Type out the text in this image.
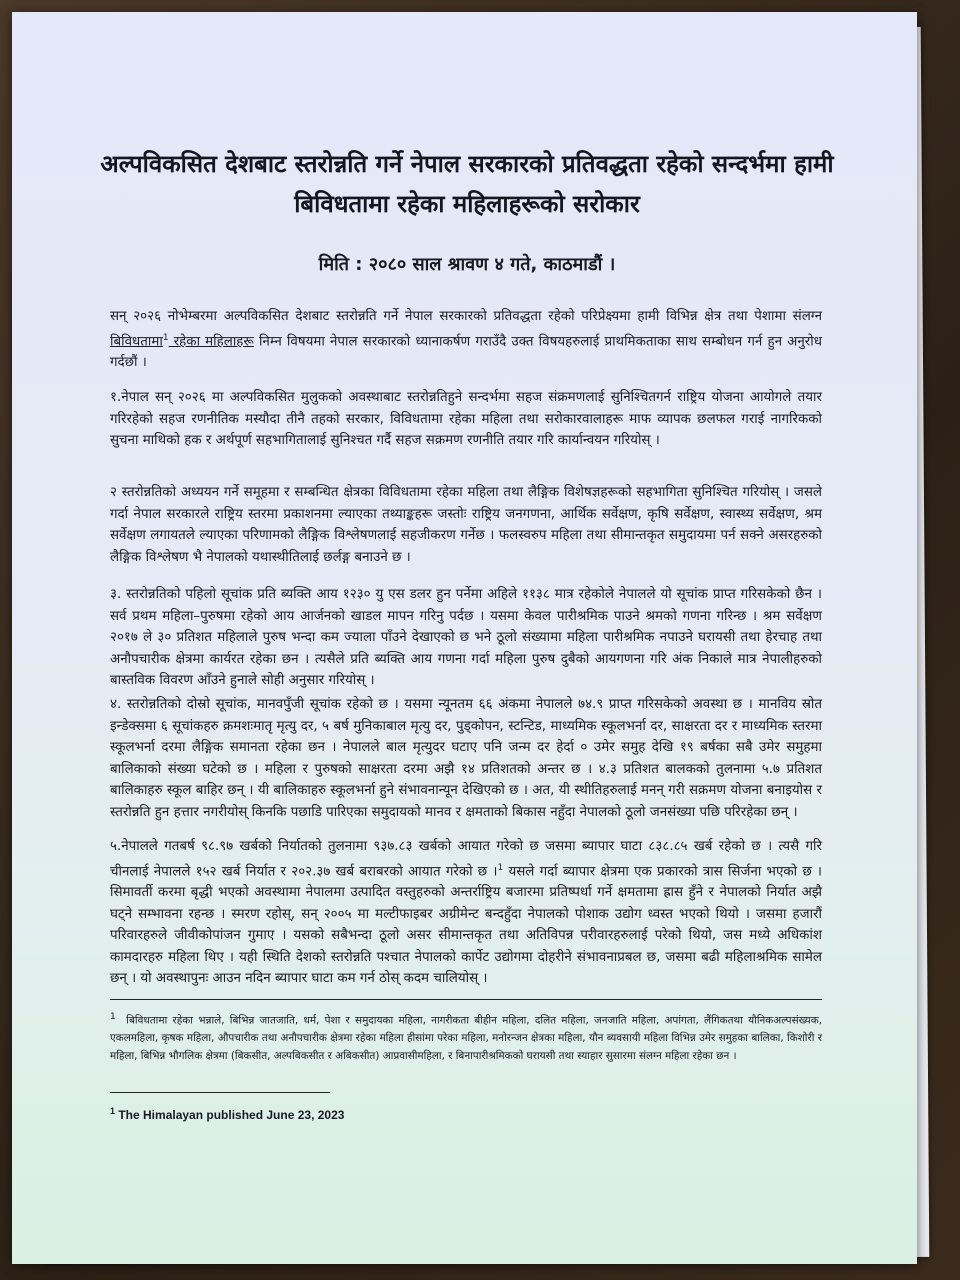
अल्पविकसित देशबाट स्तरोन्नति गर्ने नेपाल सरकारको प्रतिवद्धता रहेको सन्दर्भमा हामी बिविधतामा रहेका महिलाहरूको सरोकार

मिति : २०८० साल श्रावण ४ गते, काठमाडौं ।

सन् २०२६ नोभेम्बरमा अल्पविकसित देशबाट स्तरोन्नति गर्ने नेपाल सरकारको प्रतिवद्धता रहेको परिप्रेक्ष्यमा हामी विभिन्न क्षेत्र तथा पेशामा संलग्न बिविधतामा$^1$ रहेका महिलाहरू निम्न विषयमा नेपाल सरकारको ध्यानाकर्षण गराउँदै उक्त विषयहरुलाई प्राथमिकताका साथ सम्बोधन गर्न हुन अनुरोध गर्दछौं ।

१.नेपाल सन् २०२६ मा अल्पविकसित मुलुकको अवस्थाबाट स्तरोन्नतिहुने सन्दर्भमा सहज संक्रमणलाई सुनिश्चितगर्न राष्ट्रिय योजना आयोगले तयार गरिरहेको सहज रणनीतिक मस्यौदा तीनै तहको सरकार, विविधतामा रहेका महिला तथा सरोकारवालाहरू माफ व्यापक छलफल गराई नागरिकको सुचना माथिको हक र अर्थपूर्ण सहभागितालाई सुनिश्चत गर्दै सहज सक्रमण रणनीति तयार गरि कार्यान्वयन गरियोस् ।

२ स्तरोन्नतिको अध्ययन गर्ने समूहमा र सम्बन्धित क्षेत्रका विविधतामा रहेका महिला तथा लैङ्गिक विशेषज्ञहरूको सहभागिता सुनिश्चित गरियोस् । जसले गर्दा नेपाल सरकारले राष्ट्रिय स्तरमा प्रकाशनमा ल्याएका तथ्याङ्कहरू जस्तोः राष्ट्रिय जनगणना, आर्थिक सर्वेक्षण, कृषि सर्वेक्षण, स्वास्थ्य सर्वेक्षण, श्रम सर्वेक्षण लगायतले ल्याएका परिणामको लैङ्गिक विश्लेषणलाई सहजीकरण गर्नेछ । फलस्वरुप महिला तथा सीमान्तकृत समुदायमा पर्न सक्ने असरहरुको लैङ्गिक विश्लेषण भै नेपालको यथास्थीतिलाई छर्लङ्ग बनाउने छ ।

३. स्तरोन्नतिको पहिलो सूचांक प्रति ब्यक्ति आय १२३० यु एस डलर हुन पर्नेमा अहिले ११३८ मात्र रहेकोले नेपालले यो सूचांक प्राप्त गरिसकेको छैन । सर्व प्रथम महिला–पुरुषमा रहेको आय आर्जनको खाडल मापन गरिनु पर्दछ । यसमा केवल पारीश्रमिक पाउने श्रमको गणना गरिन्छ । श्रम सर्वेक्षण २०१७ ले ३० प्रतिशत महिलाले पुरुष भन्दा कम ज्याला पाँउने देखाएको छ भने ठूलो संख्यामा महिला पारीश्रमिक नपाउने घरायसी तथा हेरचाह तथा अनौपचारीक क्षेत्रमा कार्यरत रहेका छन । त्यसैले प्रति ब्यक्ति आय गणना गर्दा महिला पुरुष दुबैको आयगणना गरि अंक निकाले मात्र नेपालीहरुको बास्तविक विवरण आँउने हुनाले सोही अनुसार गरियोस् ।

४. स्तरोन्नतिको दोस्रो सूचांक, मानवपुँजी सूचांक रहेको छ । यसमा न्यूनतम ६६ अंकमा नेपालले ७४.९ प्राप्त गरिसकेको अवस्था छ । मानविय स्रोत इन्डेक्समा ६ सूचांकहरु क्रमशःमातृ मृत्यु दर, ५ बर्ष मुनिकाबाल मृत्यु दर, पुड्कोपन, स्टन्टिड, माध्यमिक स्कूलभर्ना दर, साक्षरता दर र माध्यमिक स्तरमा स्कूलभर्ना दरमा लैङ्गिक समानता रहेका छन । नेपालले बाल मृत्युदर घटाए पनि जन्म दर हेर्दा ० उमेर समुह देखि १९ बर्षका सबै उमेर समुहमा बालिकाको संख्या घटेको छ । महिला र पुरुषको साक्षरता दरमा अझै १४ प्रतिशतको अन्तर छ । ४.३ प्रतिशत बालकको तुलनामा ५.७ प्रतिशत बालिकाहरु स्कूल बाहिर छन् । यी बालिकाहरु स्कूलभर्ना हुने संभावनान्यून देखिएको छ । अत, यी स्थीतिहरुलाई मनन् गरी सक्रमण योजना बनाइयोस र स्तरोन्नति हुन हत्तार नगरीयोस् किनकि पछाडि पारिएका समुदायको मानव र क्षमताको बिकास नहुँदा नेपालको ठूलो जनसंख्या पछि परिरहेका छन् ।

५.नेपालले गतबर्ष ९८.९७ खर्बको निर्यातको तुलनामा ९३७.८३ खर्बको आयात गरेको छ जसमा ब्यापार घाटा ८३८.८५ खर्ब रहेको छ । त्यसै गरि चीनलाई नेपालले १५२ खर्ब निर्यात र २०२.३७ खर्ब बराबरको आयात गरेको छ ।$^1$ यसले गर्दा ब्यापार क्षेत्रमा एक प्रकारको त्रास सिर्जना भएको छ । सिमावर्ती करमा बृद्धी भएको अवस्थामा नेपालमा उत्पादित वस्तुहरुको अन्तर्राष्ट्रिय बजारमा प्रतिष्पर्धा गर्ने क्षमतामा ह्रास हुँने र नेपालको निर्यात अझै घट्ने सम्भावना रहन्छ । स्मरण रहोस्, सन् २००५ मा मल्टीफाइबर अग्रीमेन्ट बन्दहुँदा नेपालको पोशाक उद्योग ध्वस्त भएको थियो । जसमा हजारौं परिवारहरुले जीवीकोपांजन गुमाए । यसको सबैभन्दा ठूलो असर सीमान्तकृत तथा अतिविपन्न परीवारहरुलाई परेको थियो, जस मध्ये अधिकांश कामदारहरु महिला थिए । यही स्थिति देशको स्तरोन्नति पश्चात नेपालको कार्पेट उद्योगमा दोहरीने संभावनाप्रबल छ, जसमा बढी महिलाश्रमिक सामेल छन् । यो अवस्थापुनः आउन नदिन ब्यापार घाटा कम गर्न ठोस् कदम चालियोस् ।

$^1$ बिविधतामा रहेका भन्नाले, बिभिन्न जातजाति, धर्म, पेशा र समुदायका महिला, नागरीकता बीहीन महिला, दलित महिला, जनजाति महिला, अपांगता, लैंगिकतथा यौनिकअल्पसंख्यक, एकलमहिला, कृषक महिला, औपचारीक तथा अनौपचारीक क्षेत्रमा रहेका महिला हीसांमा परेका महिला, मनोरन्जन क्षेत्रका महिला, यौन ब्यवसायी महिला विभिन्न उमेर समुहका बालिका, किशोरी र महिला, बिभिन्न भौगलिक क्षेत्रमा (बिकसीत, अल्पबिकसीत र अबिकसीत) आप्रवासीमहिला, र बिनापारीश्रमिकको घरायसी तथा स्याहार सुसारमा संलग्न महिला रहेका छन ।

$^1$ The Himalayan published June 23, 2023
